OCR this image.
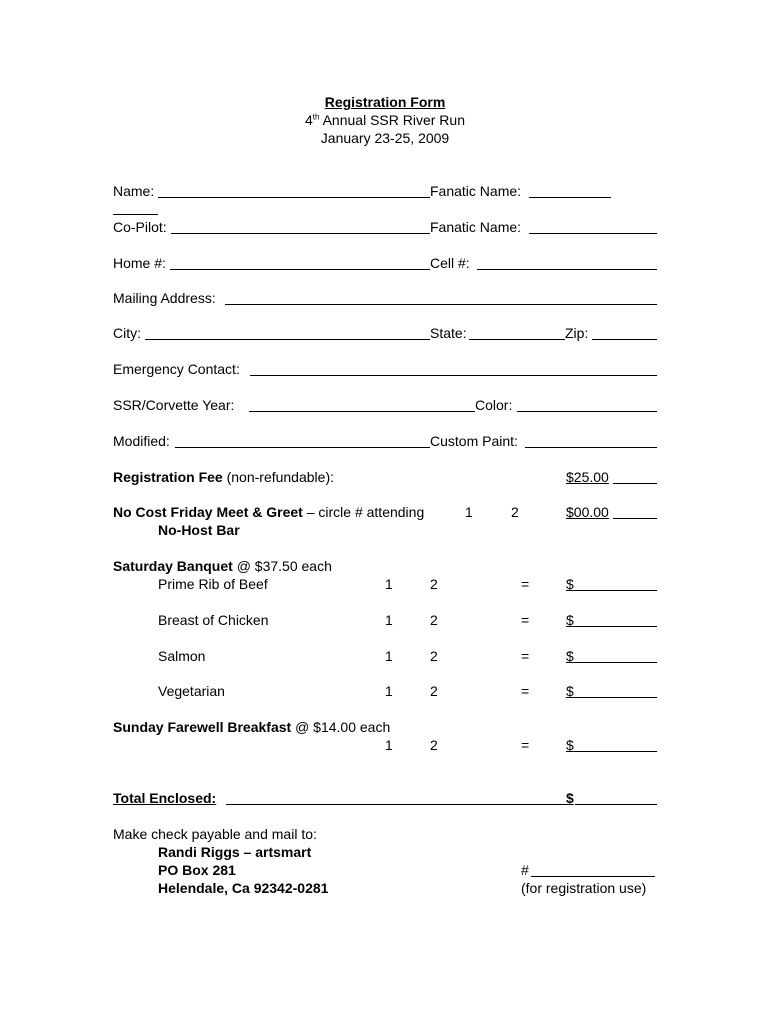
Registration Form
4th Annual SSR River Run
January 23-25, 2009
Name:	Fanatic Name:
Co-Pilot:	Fanatic Name:
Home #:	Cell #:
Mailing Address:
City:	State:	Zip:
Emergency Contact:
SSR/Corvette Year:	Color:
Modified:	Custom Paint:
Registration Fee (non-refundable):	$25.00
No Cost Friday Meet & Greet – circle # attending	1	2	$00.00
No-Host Bar
Saturday Banquet @ $37.50 each
Prime Rib of Beef	1	2	=	$
Breast of Chicken	1	2	=	$
Salmon	1	2	=	$
Vegetarian	1	2	=	$
Sunday Farewell Breakfast @ $14.00 each
1	2	=	$
Total Enclosed:	$
Make check payable and mail to:
Randi Riggs – artsmart
PO Box 281
Helendale, Ca 92342-0281
#
(for registration use)
